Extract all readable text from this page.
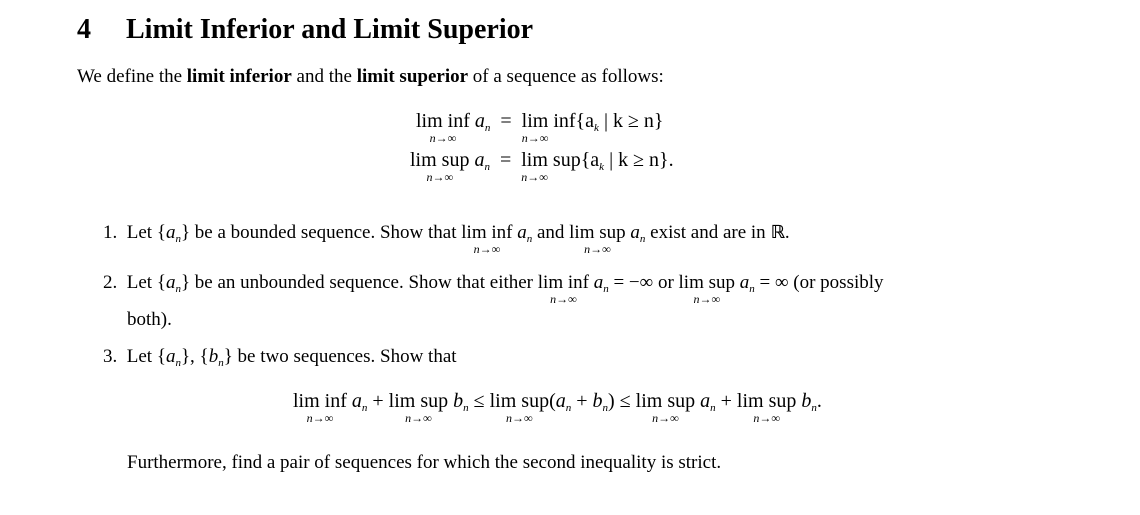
4 Limit Inferior and Limit Superior
We define the limit inferior and the limit superior of a sequence as follows:
lim inf
n→∞
$a_n = \lim$
n→∞
$inf\{a_k$ | k ≥ n}
lim sup
n→∞
$a_n = \lim$
n→∞
$sup\{a_k$ | k ≥ n}.
1. Let $\{a_n\}$ be a bounded sequence. Show that lim inf
n→∞
$a_n$ and lim sup
n→∞
$a_n$ exist and are in ℝ.
2. Let $\{a_n\}$ be an unbounded sequence. Show that either lim inf
n→∞
$a_n$ = −∞ or lim sup
n→∞
$a_n$ = ∞ (or possibly
both).
3. Let $\{a_n\}$, $\{b_n\}$ be two sequences. Show that
lim inf
n→∞
$a_n + \lim$ sup
n→∞
$b_n \le \lim$ sup
n→∞
$(a_n + b_n) \le \lim$ sup
n→∞
$a_n + \lim$ sup
n→∞
$b_n$.
Furthermore, find a pair of sequences for which the second inequality is strict.
